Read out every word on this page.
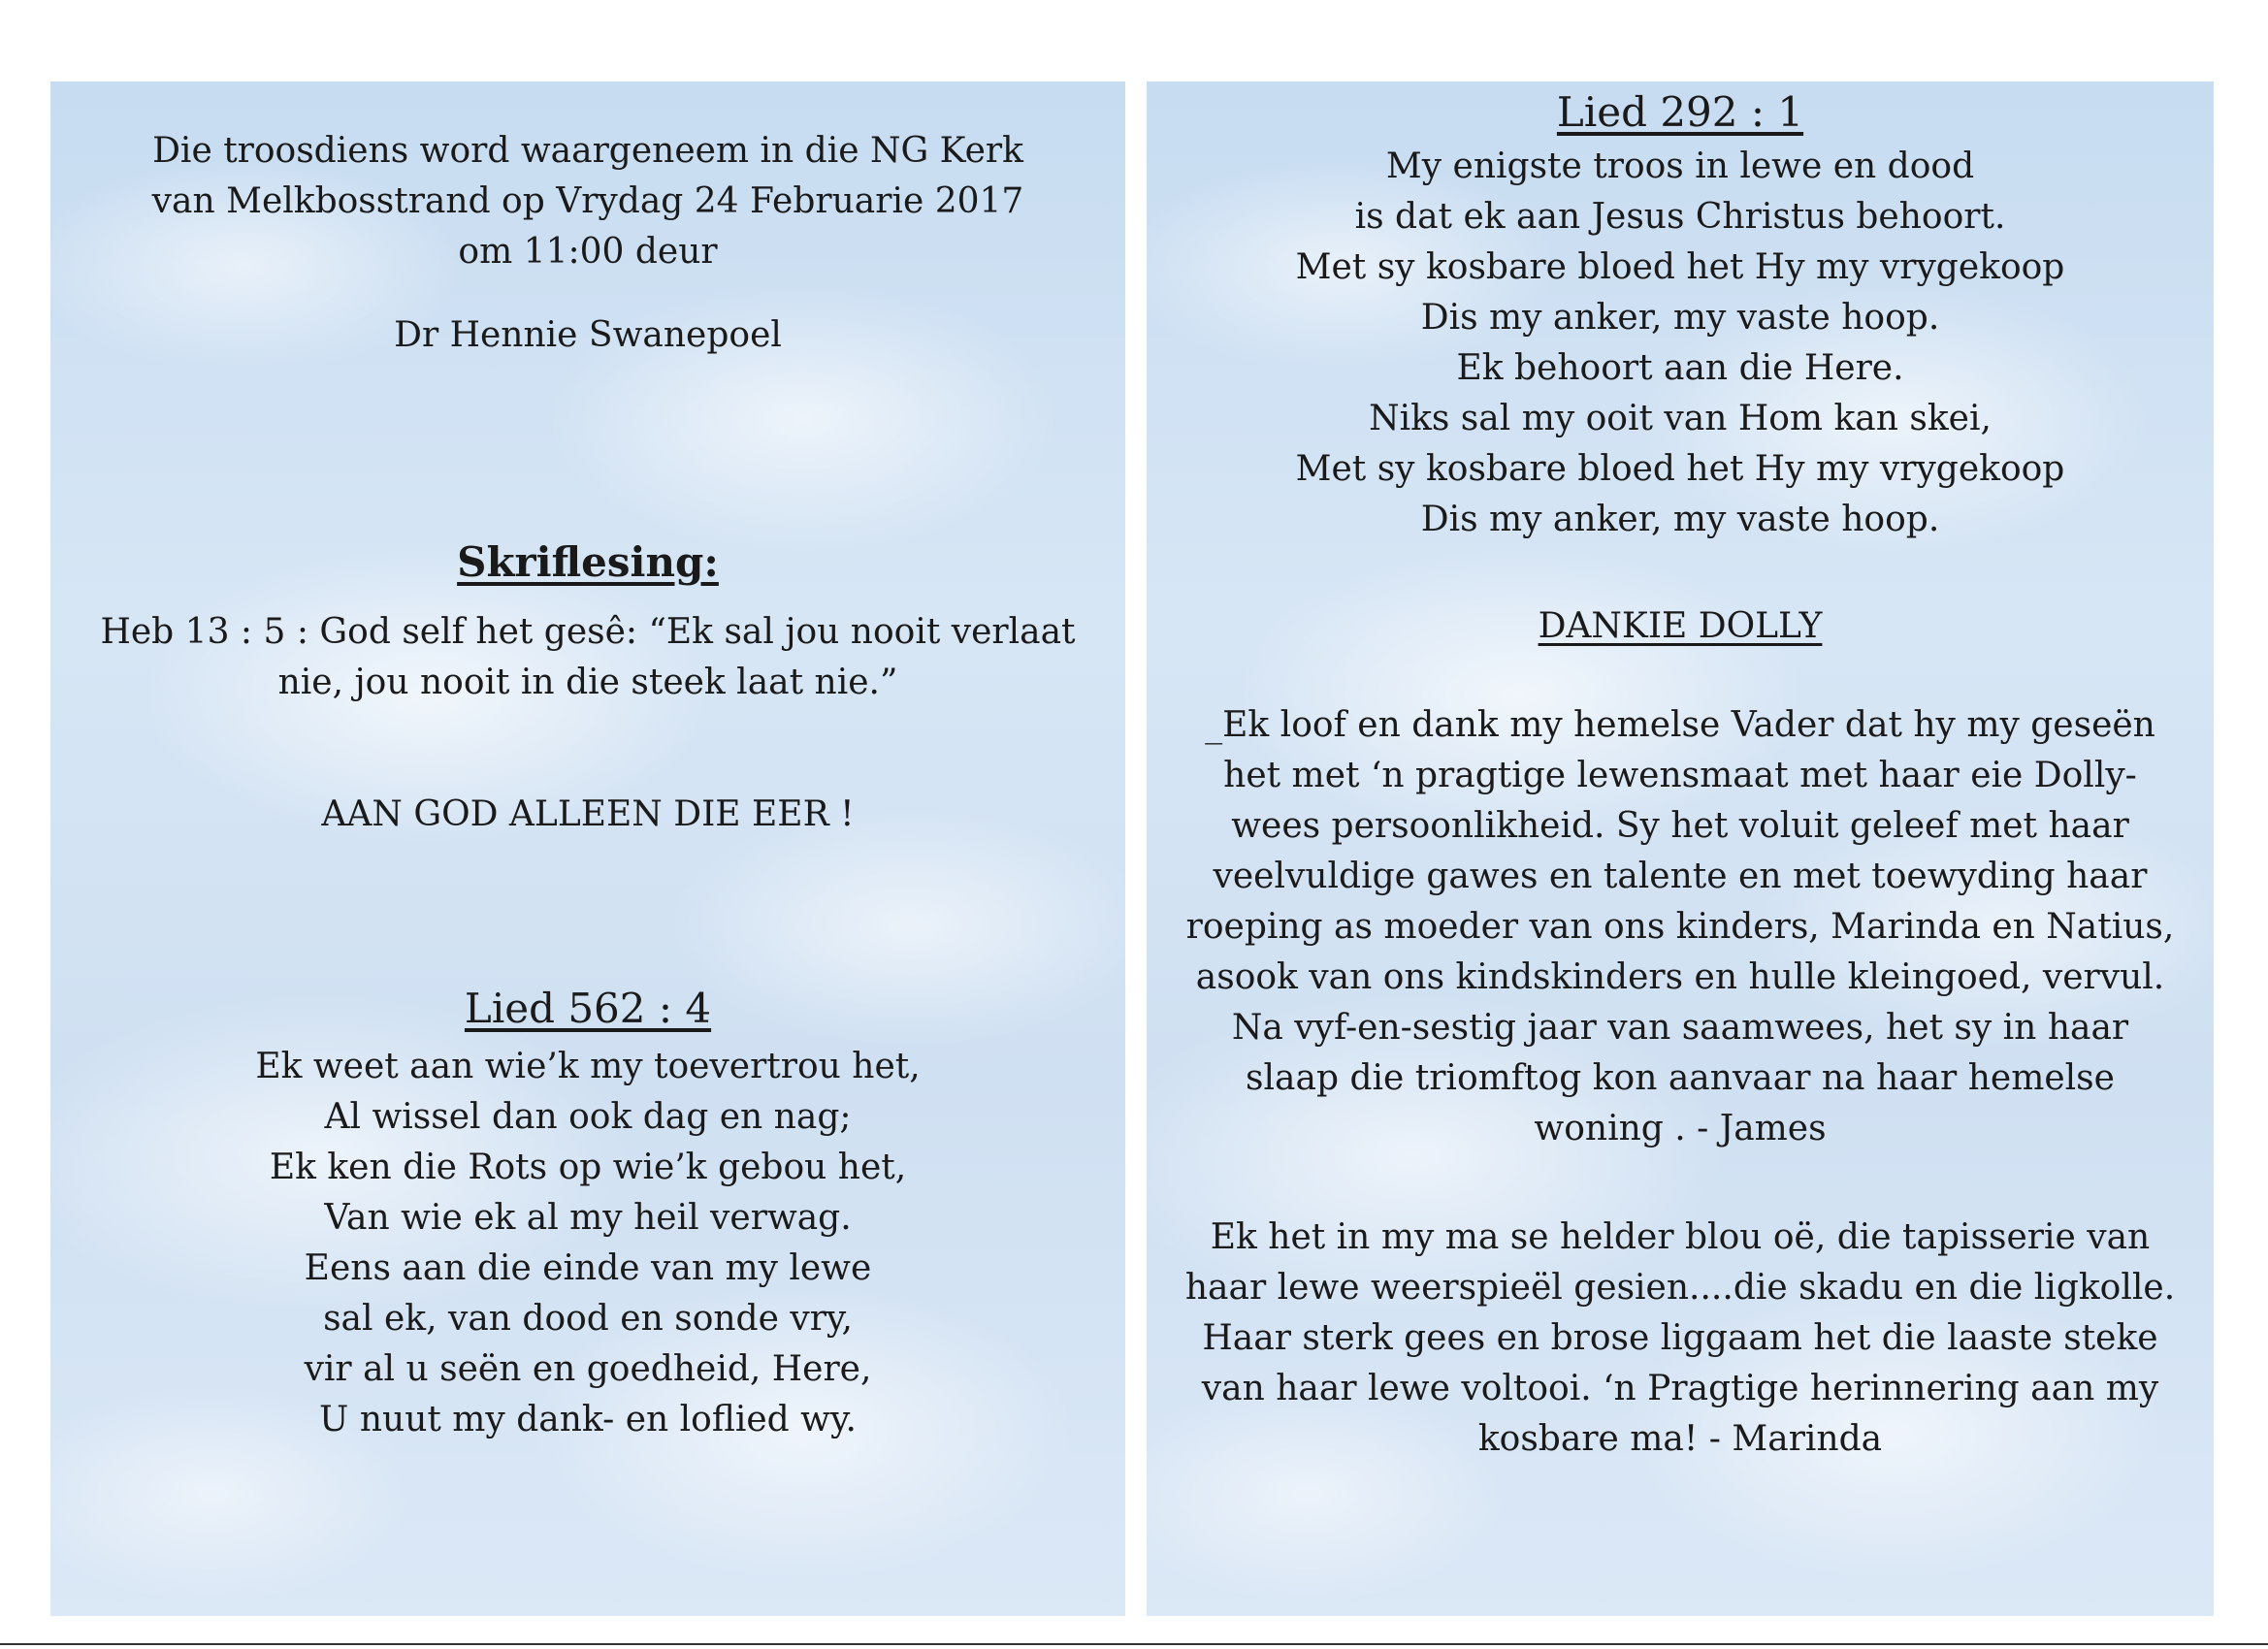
Die troosdiens word waargeneem in die NG Kerk
van Melkbosstrand op Vrydag 24 Februarie 2017
om 11:00 deur
Dr Hennie Swanepoel
Skriflesing:
Heb 13 : 5 : God self het gesê: “Ek sal jou nooit verlaat
nie, jou nooit in die steek laat nie.”
AAN GOD ALLEEN DIE EER !
Lied 562 : 4
Ek weet aan wie’k my toevertrou het,
Al wissel dan ook dag en nag;
Ek ken die Rots op wie’k gebou het,
Van wie ek al my heil verwag.
Eens aan die einde van my lewe
sal ek, van dood en sonde vry,
vir al u seën en goedheid, Here,
U nuut my dank- en loflied wy.
Lied 292 : 1
My enigste troos in lewe en dood
is dat ek aan Jesus Christus behoort.
Met sy kosbare bloed het Hy my vrygekoop
Dis my anker, my vaste hoop.
Ek behoort aan die Here.
Niks sal my ooit van Hom kan skei,
Met sy kosbare bloed het Hy my vrygekoop
Dis my anker, my vaste hoop.
DANKIE DOLLY
_Ek loof en dank my hemelse Vader dat hy my geseën
het met ‘n pragtige lewensmaat met haar eie Dolly-
wees persoonlikheid. Sy het voluit geleef met haar
veelvuldige gawes en talente en met toewyding haar
roeping as moeder van ons kinders, Marinda en Natius,
asook van ons kindskinders en hulle kleingoed, vervul.
Na vyf-en-sestig jaar van saamwees, het sy in haar
slaap die triomftog kon aanvaar na haar hemelse
woning . - James
Ek het in my ma se helder blou oë, die tapisserie van
haar lewe weerspieël gesien....die skadu en die ligkolle.
Haar sterk gees en brose liggaam het die laaste steke
van haar lewe voltooi. ‘n Pragtige herinnering aan my
kosbare ma! - Marinda
